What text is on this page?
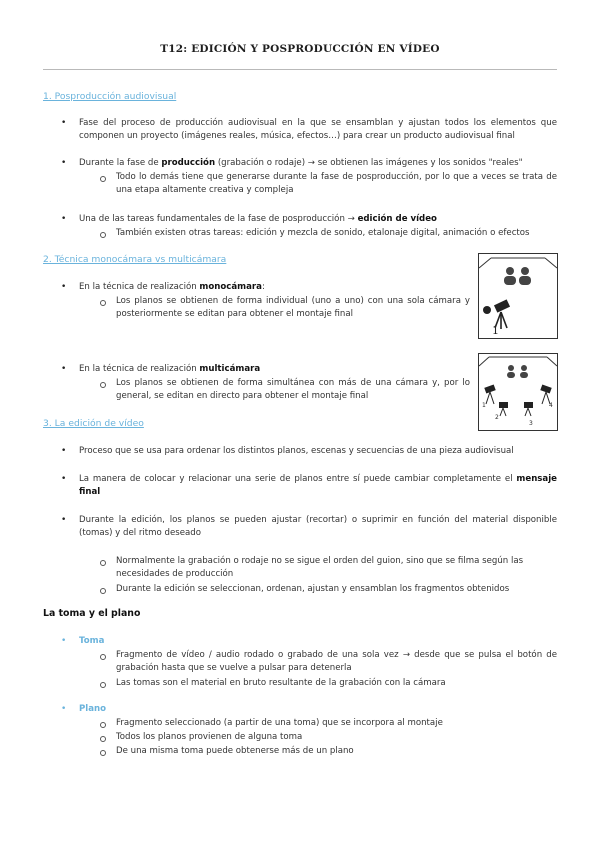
T12: EDICIÓN Y POSPRODUCCIÓN EN VÍDEO
1. Posproducción audiovisual
• Fase del proceso de producción audiovisual en la que se ensamblan y ajustan todos los elementos que componen un proyecto (imágenes reales, música, efectos…) para crear un producto audiovisual final
• Durante la fase de producción (grabación o rodaje) → se obtienen las imágenes y los sonidos "reales"
Todo lo demás tiene que generarse durante la fase de posproducción, por lo que a veces se trata de una etapa altamente creativa y compleja
• Una de las tareas fundamentales de la fase de posproducción → edición de vídeo
También existen otras tareas: edición y mezcla de sonido, etalonaje digital, animación o efectos
2. Técnica monocámara vs multicámara
• En la técnica de realización monocámara:
Los planos se obtienen de forma individual (uno a uno) con una sola cámara y posteriormente se editan para obtener el montaje final
1
• En la técnica de realización multicámara
Los planos se obtienen de forma simultánea con más de una cámara y, por lo general, se editan en directo para obtener el montaje final
1
2
3
4
3. La edición de vídeo
• Proceso que se usa para ordenar los distintos planos, escenas y secuencias de una pieza audiovisual
• La manera de colocar y relacionar una serie de planos entre sí puede cambiar completamente el mensaje final
• Durante la edición, los planos se pueden ajustar (recortar) o suprimir en función del material disponible (tomas) y del ritmo deseado
Normalmente la grabación o rodaje no se sigue el orden del guion, sino que se filma según las necesidades de producción
Durante la edición se seleccionan, ordenan, ajustan y ensamblan los fragmentos obtenidos
La toma y el plano
• Toma
Fragmento de vídeo / audio rodado o grabado de una sola vez → desde que se pulsa el botón de grabación hasta que se vuelve a pulsar para detenerla
Las tomas son el material en bruto resultante de la grabación con la cámara
• Plano
Fragmento seleccionado (a partir de una toma) que se incorpora al montaje
Todos los planos provienen de alguna toma
De una misma toma puede obtenerse más de un plano
